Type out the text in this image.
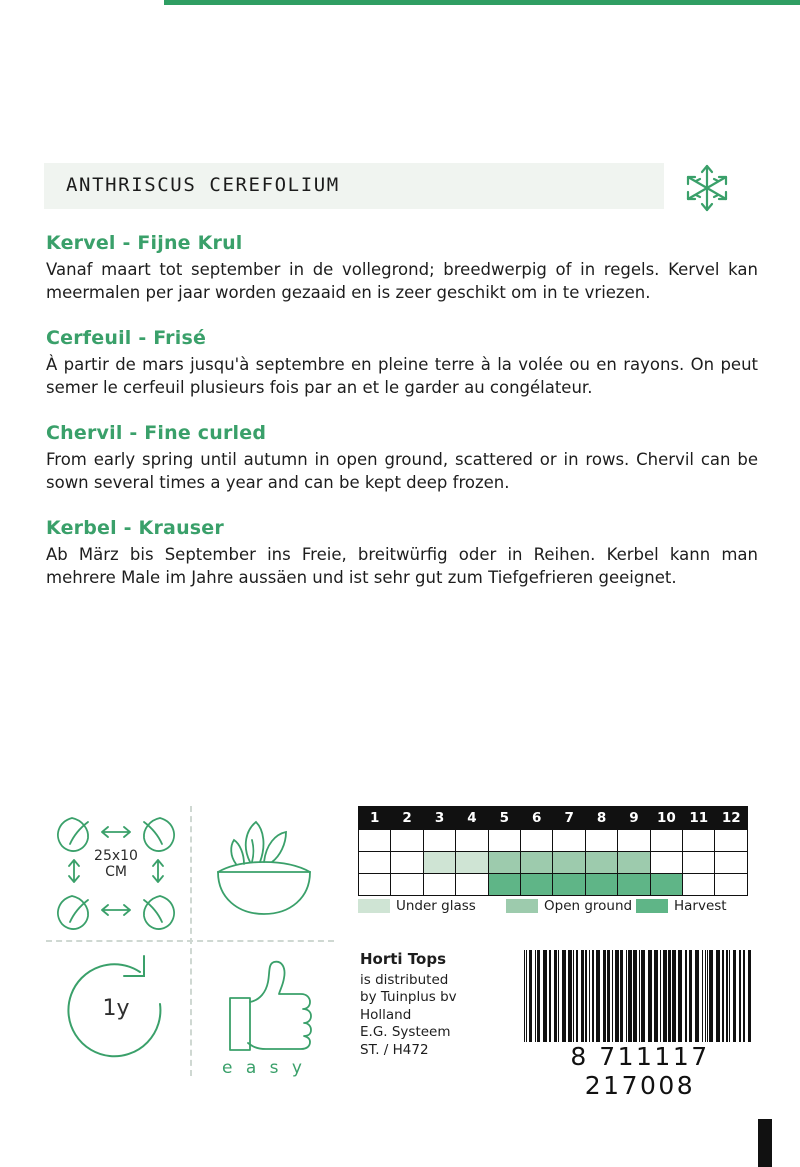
ANTHRISCUS CEREFOLIUM

Kervel - Fijne Krul

Vanaf maart tot september in de vollegrond; breedwerpig of in regels. Kervel kan meermalen per jaar worden gezaaid en is zeer geschikt om in te vriezen.

Cerfeuil - Frisé

À partir de mars jusqu'à septembre en pleine terre à la volée ou en rayons. On peut semer le cerfeuil plusieurs fois par an et le garder au congélateur.

Chervil - Fine curled

From early spring until autumn in open ground, scattered or in rows. Chervil can be sown several times a year and can be kept deep frozen.

Kerbel - Krauser

Ab März bis September ins Freie, breitwürfig oder in Reihen. Kerbel kann man mehrere Male im Jahre aussäen und ist sehr gut zum Tiefgefrieren geeignet.

25x10
CM
1y
e a s y
1	2	3	4	5	6	7	8	9	10	11	12

Under glass	Open ground	Harvest
Horti Tops
is distributed
by Tuinplus bv
Holland
E.G. Systeem
ST. / H472	8 711117 217008
